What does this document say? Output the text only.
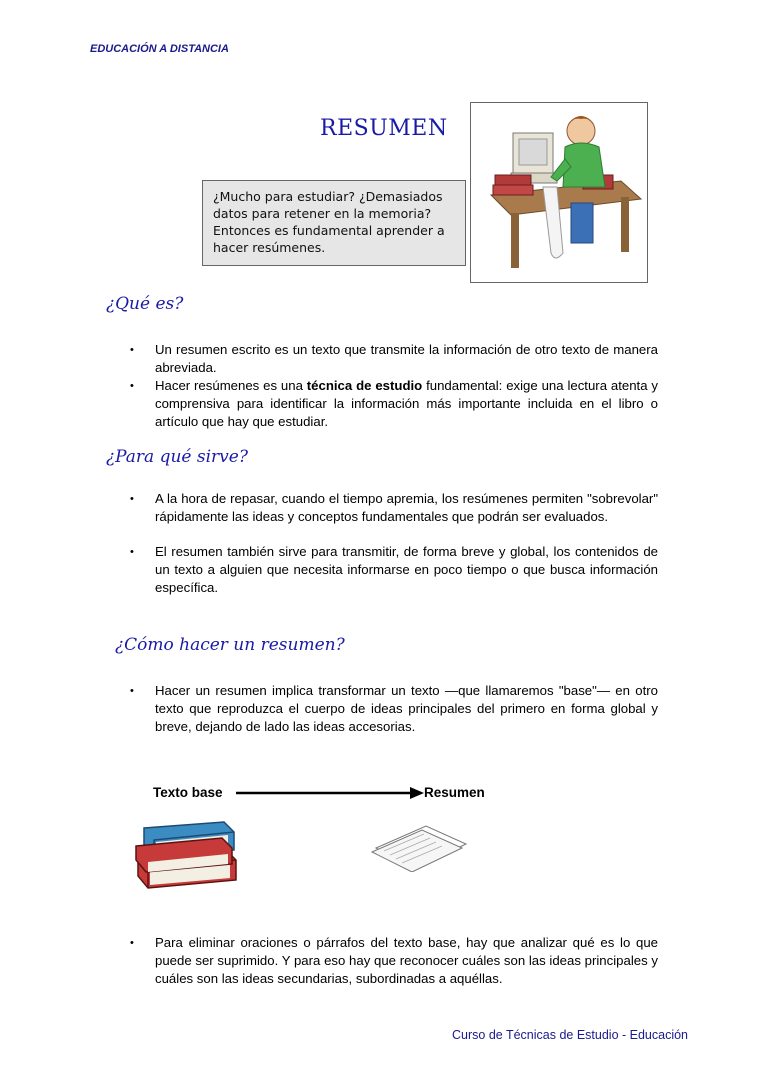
EDUCACIÓN A DISTANCIA
RESUMEN
¿Mucho para estudiar? ¿Demasiados datos para retener en la memoria? Entonces es fundamental aprender a hacer resúmenes.
¿Qué es?
• Un resumen escrito es un texto que transmite la información de otro texto de manera abreviada.
• Hacer resúmenes es una técnica de estudio fundamental: exige una lectura atenta y comprensiva para identificar la información más importante incluida en el libro o artículo que hay que estudiar.
¿Para qué sirve?
• A la hora de repasar, cuando el tiempo apremia, los resúmenes permiten "sobrevolar" rápidamente las ideas y conceptos fundamentales que podrán ser evaluados.
• El resumen también sirve para transmitir, de forma breve y global, los contenidos de un texto a alguien que necesita informarse en poco tiempo o que busca información específica.
¿Cómo hacer un resumen?
• Hacer un resumen implica transformar un texto —que llamaremos "base"— en otro texto que reproduzca el cuerpo de ideas principales del primero en forma global y breve, dejando de lado las ideas accesorias.
Texto base	Resumen
• Para eliminar oraciones o párrafos del texto base, hay que analizar qué es lo que puede ser suprimido. Y para eso hay que reconocer cuáles son las ideas principales y cuáles son las ideas secundarias, subordinadas a aquéllas.
Curso de Técnicas de Estudio - Educación
